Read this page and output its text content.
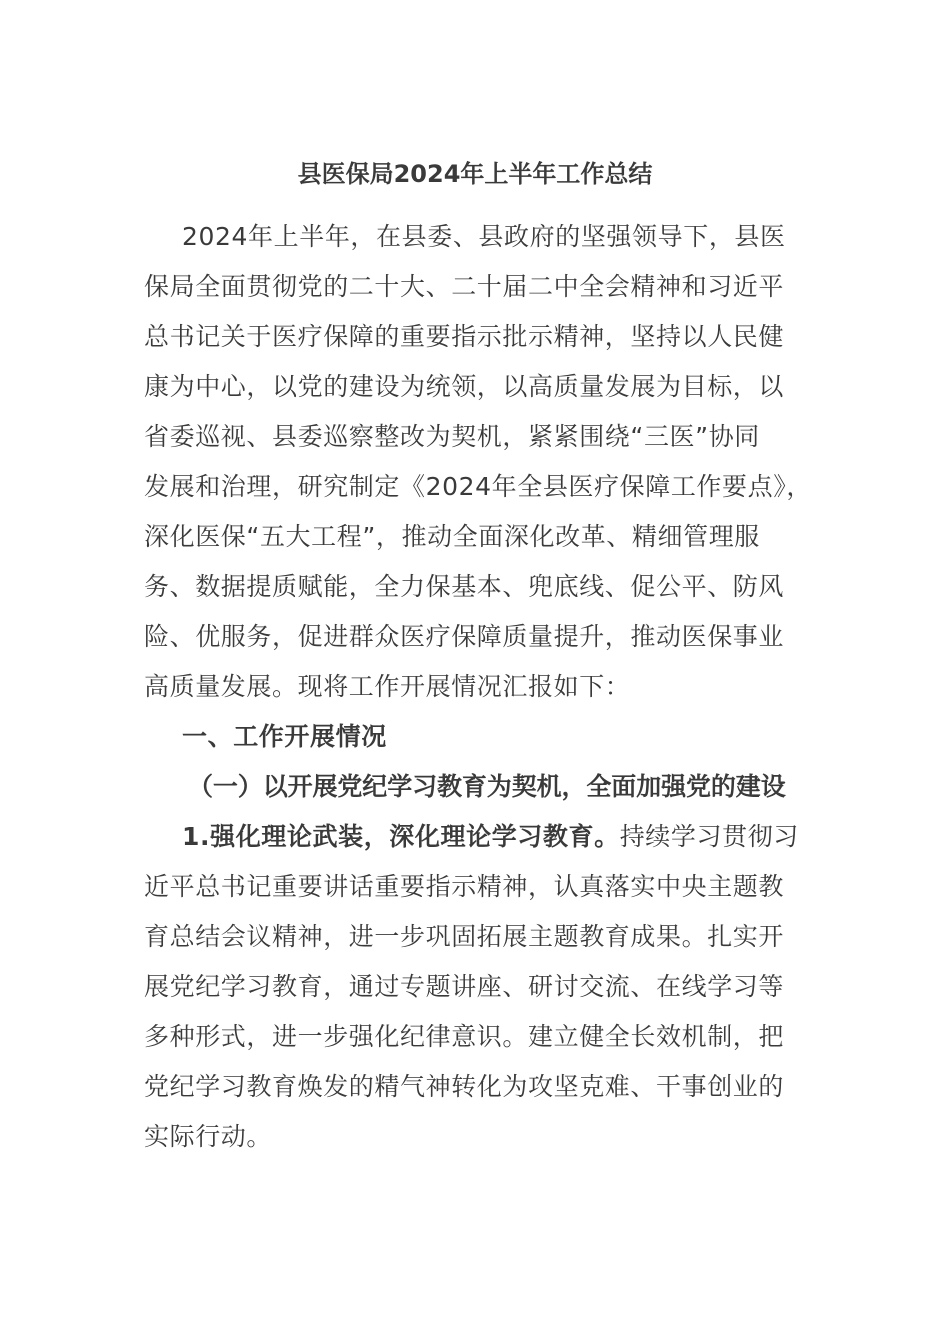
县医保局2024年上半年工作总结
2024年上半年，在县委、县政府的坚强领导下，县医
保局全面贯彻党的二十大、二十届二中全会精神和习近平
总书记关于医疗保障的重要指示批示精神，坚持以人民健
康为中心，以党的建设为统领，以高质量发展为目标，以
省委巡视、县委巡察整改为契机，紧紧围绕“三医”协同
发展和治理，研究制定《2024年全县医疗保障工作要点》，
深化医保“五大工程”，推动全面深化改革、精细管理服
务、数据提质赋能，全力保基本、兜底线、促公平、防风
险、优服务，促进群众医疗保障质量提升，推动医保事业
高质量发展。现将工作开展情况汇报如下：
一、工作开展情况
（一）以开展党纪学习教育为契机，全面加强党的建设
1.强化理论武装，深化理论学习教育。持续学习贯彻习
近平总书记重要讲话重要指示精神，认真落实中央主题教
育总结会议精神，进一步巩固拓展主题教育成果。扎实开
展党纪学习教育，通过专题讲座、研讨交流、在线学习等
多种形式，进一步强化纪律意识。建立健全长效机制，把
党纪学习教育焕发的精气神转化为攻坚克难、干事创业的
实际行动。
